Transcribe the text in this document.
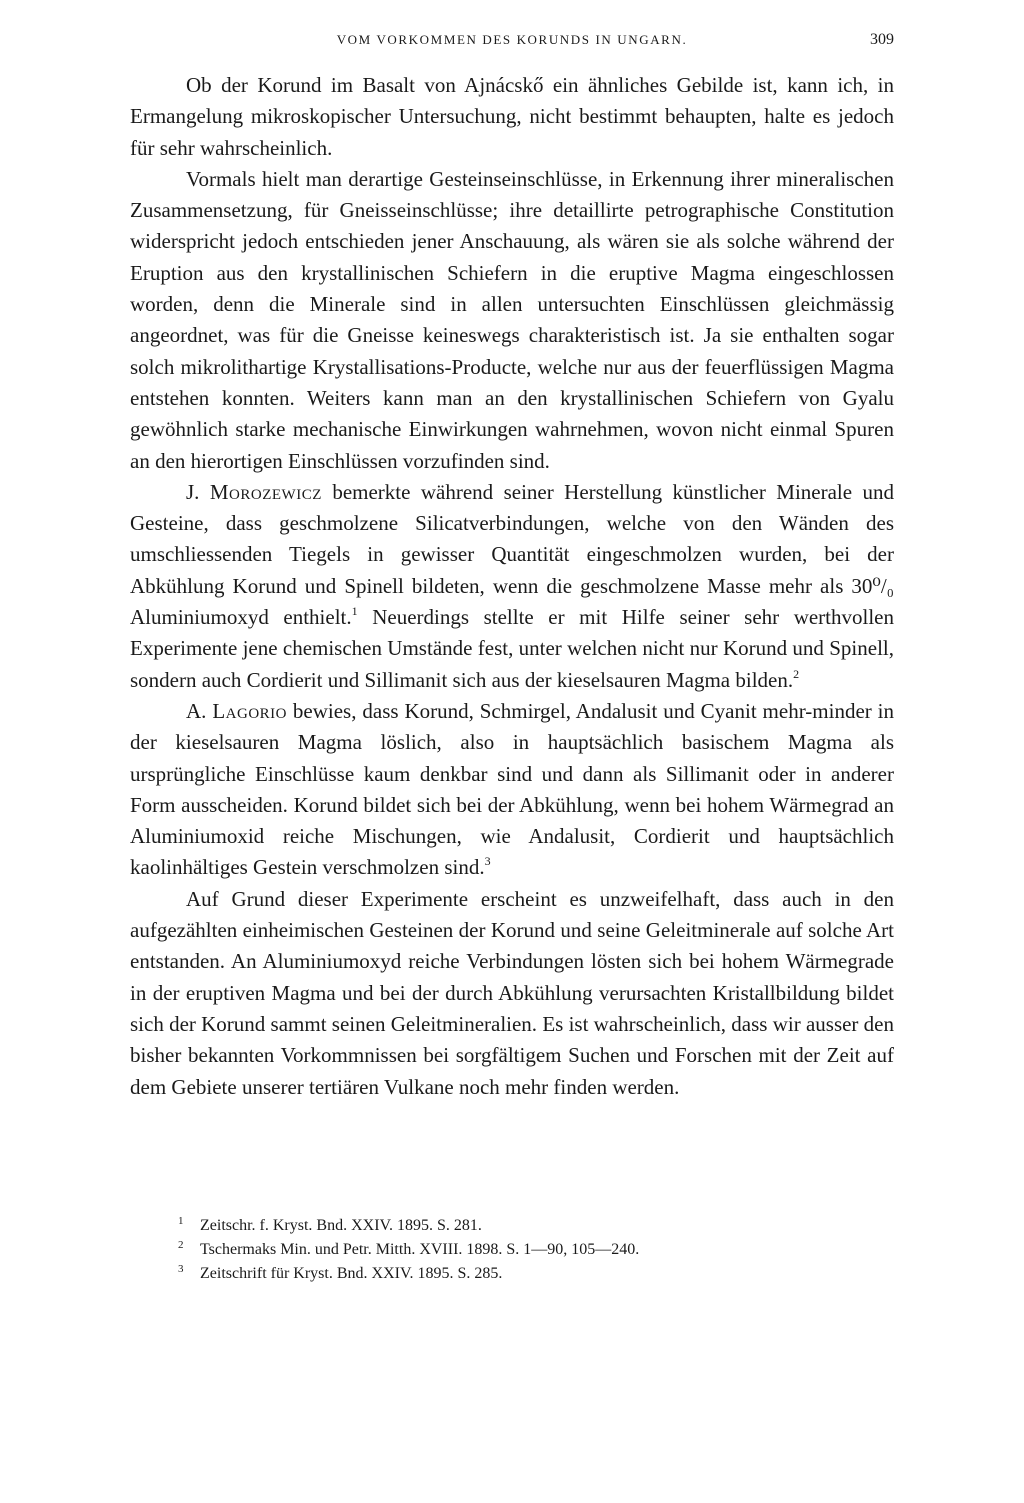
VOM VORKOMMEN DES KORUNDS IN UNGARN.	309

Ob der Korund im Basalt von Ajnácskő ein ähnliches Gebilde ist, kann ich, in Ermangelung mikroskopischer Untersuchung, nicht bestimmt behaupten, halte es jedoch für sehr wahrscheinlich.

Vormals hielt man derartige Gesteinseinschlüsse, in Erkennung ihrer mineralischen Zusammensetzung, für Gneisseinschlüsse; ihre detaillirte petrographische Constitution widerspricht jedoch entschieden jener Anschauung, als wären sie als solche während der Eruption aus den krystallinischen Schiefern in die eruptive Magma eingeschlossen worden, denn die Minerale sind in allen untersuchten Einschlüssen gleichmässig angeordnet, was für die Gneisse keineswegs charakteristisch ist. Ja sie enthalten sogar solch mikrolithartige Krystallisations-Producte, welche nur aus der feuerflüssigen Magma entstehen konnten. Weiters kann man an den krystallinischen Schiefern von Gyalu gewöhnlich starke mechanische Einwirkungen wahrnehmen, wovon nicht einmal Spuren an den hierortigen Einschlüssen vorzufinden sind.

J. Morozewicz bemerkte während seiner Herstellung künstlicher Minerale und Gesteine, dass geschmolzene Silicatverbindungen, welche von den Wänden des umschliessenden Tiegels in gewisser Quantität eingeschmolzen wurden, bei der Abkühlung Korund und Spinell bildeten, wenn die geschmolzene Masse mehr als 30⁰/₀ Aluminiumoxyd enthielt.$^1$ Neuerdings stellte er mit Hilfe seiner sehr werthvollen Experimente jene chemischen Umstände fest, unter welchen nicht nur Korund und Spinell, sondern auch Cordierit und Sillimanit sich aus der kieselsauren Magma bilden.$^2$

A. Lagorio bewies, dass Korund, Schmirgel, Andalusit und Cyanit mehr-minder in der kieselsauren Magma löslich, also in hauptsächlich basischem Magma als ursprüngliche Einschlüsse kaum denkbar sind und dann als Sillimanit oder in anderer Form ausscheiden. Korund bildet sich bei der Abkühlung, wenn bei hohem Wärmegrad an Aluminiumoxid reiche Mischungen, wie Andalusit, Cordierit und hauptsächlich kaolinhältiges Gestein verschmolzen sind.$^3$

Auf Grund dieser Experimente erscheint es unzweifelhaft, dass auch in den aufgezählten einheimischen Gesteinen der Korund und seine Geleitminerale auf solche Art entstanden. An Aluminiumoxyd reiche Verbindungen lösten sich bei hohem Wärmegrade in der eruptiven Magma und bei der durch Abkühlung verursachten Kristallbildung bildet sich der Korund sammt seinen Geleitmineralien. Es ist wahrscheinlich, dass wir ausser den bisher bekannten Vorkommnissen bei sorgfältigem Suchen und Forschen mit der Zeit auf dem Gebiete unserer tertiären Vulkane noch mehr finden werden.

1 Zeitschr. f. Kryst. Bnd. XXIV. 1895. S. 281.
2 Tschermaks Min. und Petr. Mitth. XVIII. 1898. S. 1—90, 105—240.
3 Zeitschrift für Kryst. Bnd. XXIV. 1895. S. 285.
